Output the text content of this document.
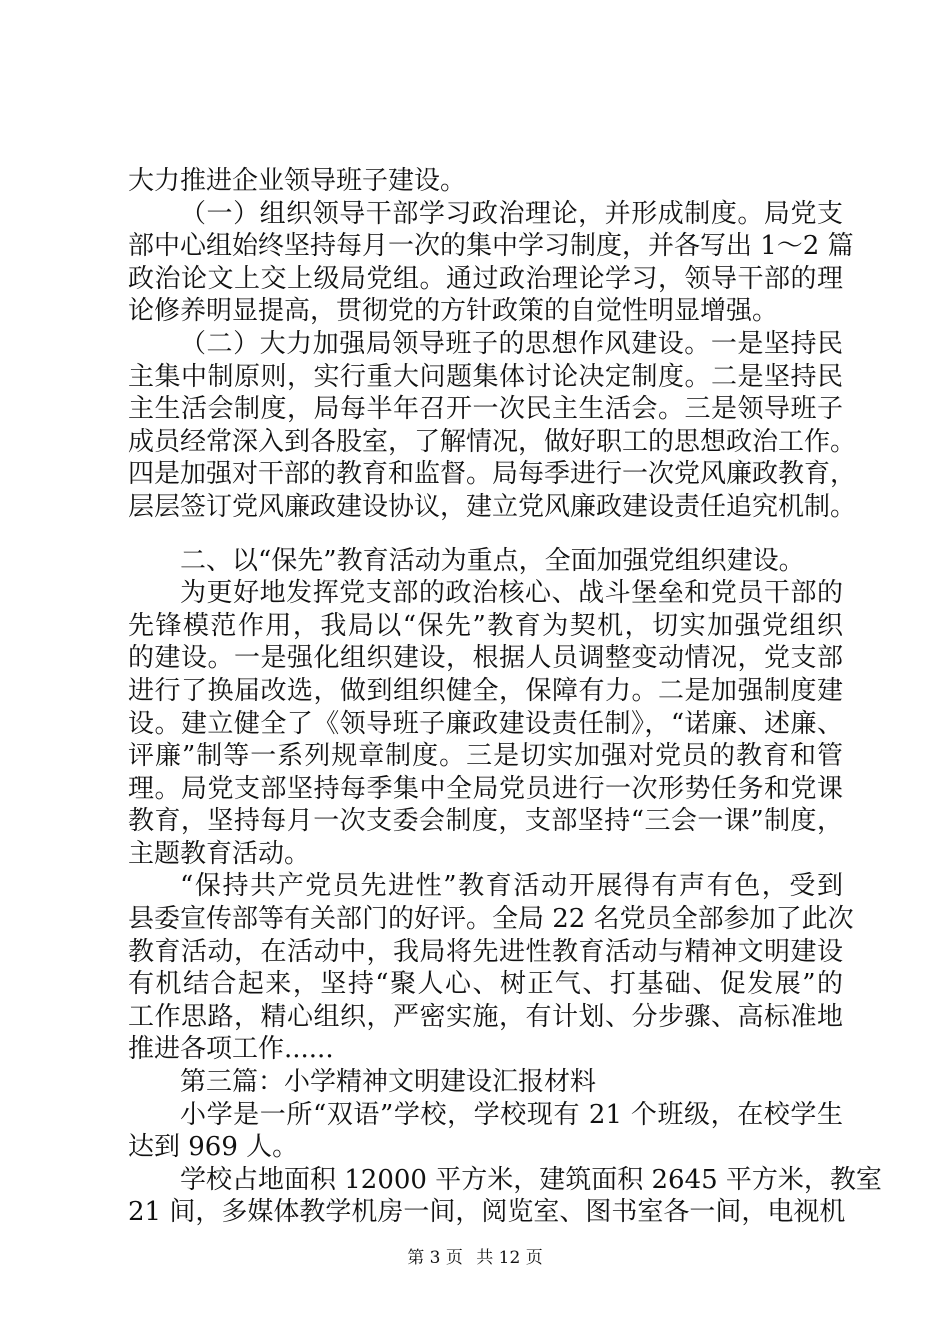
大力推进企业领导班子建设。
（一）组织领导干部学习政治理论，并形成制度。局党支
部中心组始终坚持每月一次的集中学习制度，并各写出 1～2 篇
政治论文上交上级局党组。通过政治理论学习，领导干部的理
论修养明显提高，贯彻党的方针政策的自觉性明显增强。
（二）大力加强局领导班子的思想作风建设。一是坚持民
主集中制原则，实行重大问题集体讨论决定制度。二是坚持民
主生活会制度，局每半年召开一次民主生活会。三是领导班子
成员经常深入到各股室，了解情况，做好职工的思想政治工作。
四是加强对干部的教育和监督。局每季进行一次党风廉政教育，
层层签订党风廉政建设协议，建立党风廉政建设责任追究机制。
二、以“保先”教育活动为重点，全面加强党组织建设。
为更好地发挥党支部的政治核心、战斗堡垒和党员干部的
先锋模范作用，我局以“保先”教育为契机，切实加强党组织
的建设。一是强化组织建设，根据人员调整变动情况，党支部
进行了换届改选，做到组织健全，保障有力。二是加强制度建
设。建立健全了《领导班子廉政建设责任制》，“诺廉、述廉、
评廉”制等一系列规章制度。三是切实加强对党员的教育和管
理。局党支部坚持每季集中全局党员进行一次形势任务和党课
教育，坚持每月一次支委会制度，支部坚持“三会一课”制度，
主题教育活动。
“保持共产党员先进性”教育活动开展得有声有色，受到
县委宣传部等有关部门的好评。全局 22 名党员全部参加了此次
教育活动，在活动中，我局将先进性教育活动与精神文明建设
有机结合起来，坚持“聚人心、树正气、打基础、促发展”的
工作思路，精心组织，严密实施，有计划、分步骤、高标准地
推进各项工作......
第三篇：小学精神文明建设汇报材料
小学是一所“双语”学校，学校现有 21 个班级，在校学生
达到 969 人。
学校占地面积 12000 平方米，建筑面积 2645 平方米，教室
21 间，多媒体教学机房一间，阅览室、图书室各一间，电视机
第 3 页 共 12 页
